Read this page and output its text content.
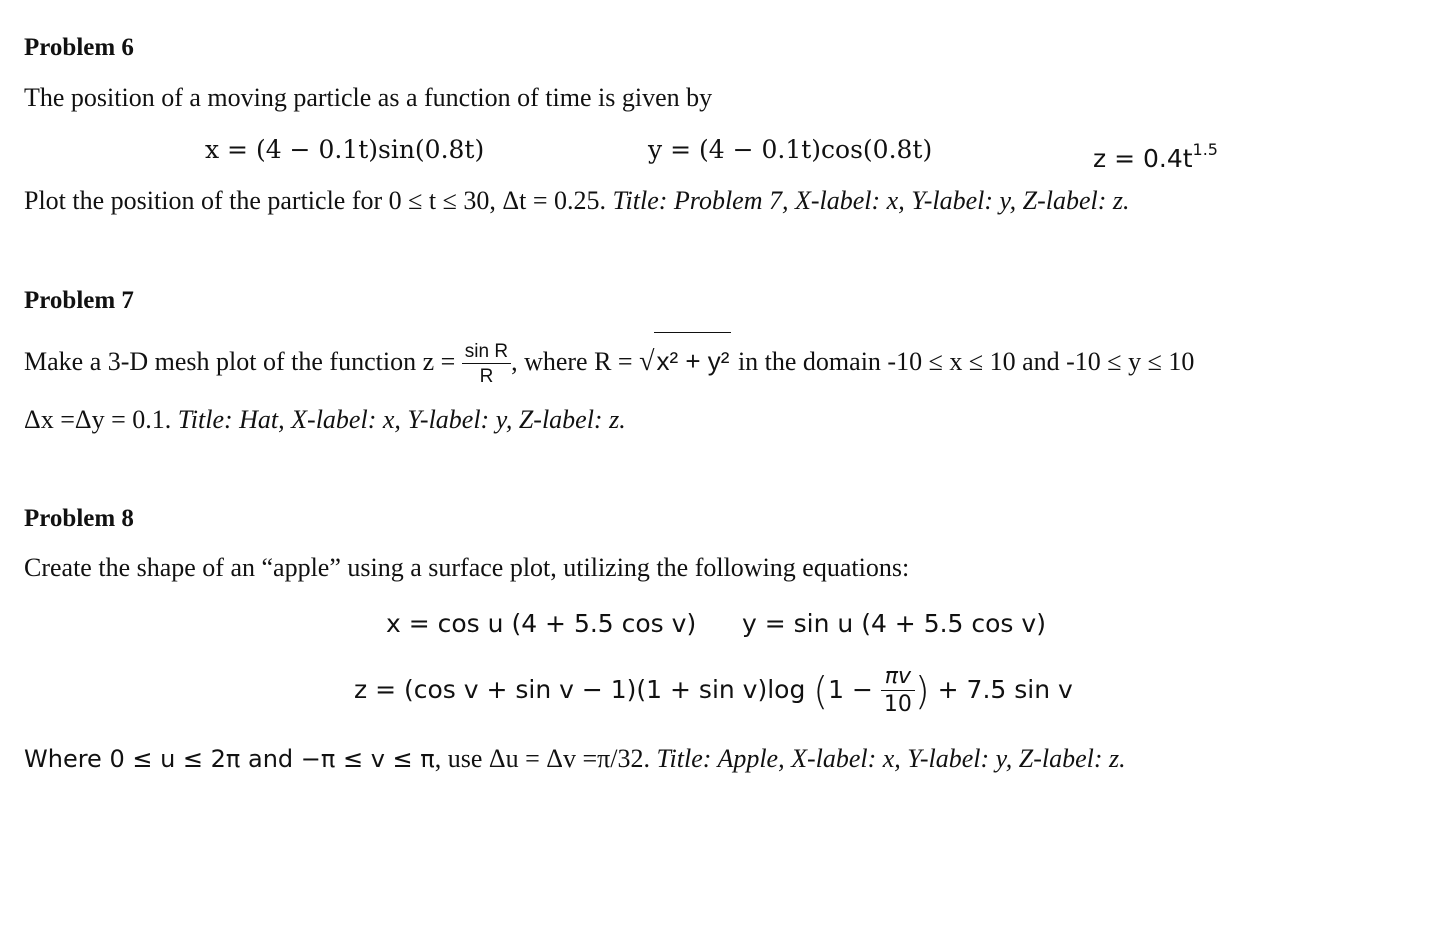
Problem 6
The position of a moving particle as a function of time is given by
x = (4 − 0.1t)sin(0.8t)	y = (4 − 0.1t)cos(0.8t)	$z = 0.4t^{1.5}$
Plot the position of the particle for 0 ≤ t ≤ 30, Δt = 0.25. Title: Problem 7, X-label: x, Y-label: y, Z-label: z.
Problem 7
Make a 3-D mesh plot of the function $z = \frac{\text{sin R}}{R}$ , where R = √x² + y² in the domain -10 ≤ x ≤ 10 and -10 ≤ y ≤ 10
Δx =Δy = 0.1. Title: Hat, X-label: x, Y-label: y, Z-label: z.
Problem 8
Create the shape of an “apple” using a surface plot, utilizing the following equations:
x = cos u (4 + 5.5 cos v) y = sin u (4 + 5.5 cos v)
z = (cos v + sin v − 1)(1 + sin v)log ($1 - \frac{\pi v}{10}$ ) + 7.5 sin v
Where 0 ≤ u ≤ 2π and −π ≤ v ≤ π, use Δu = Δv =π/32. Title: Apple, X-label: x, Y-label: y, Z-label: z.
